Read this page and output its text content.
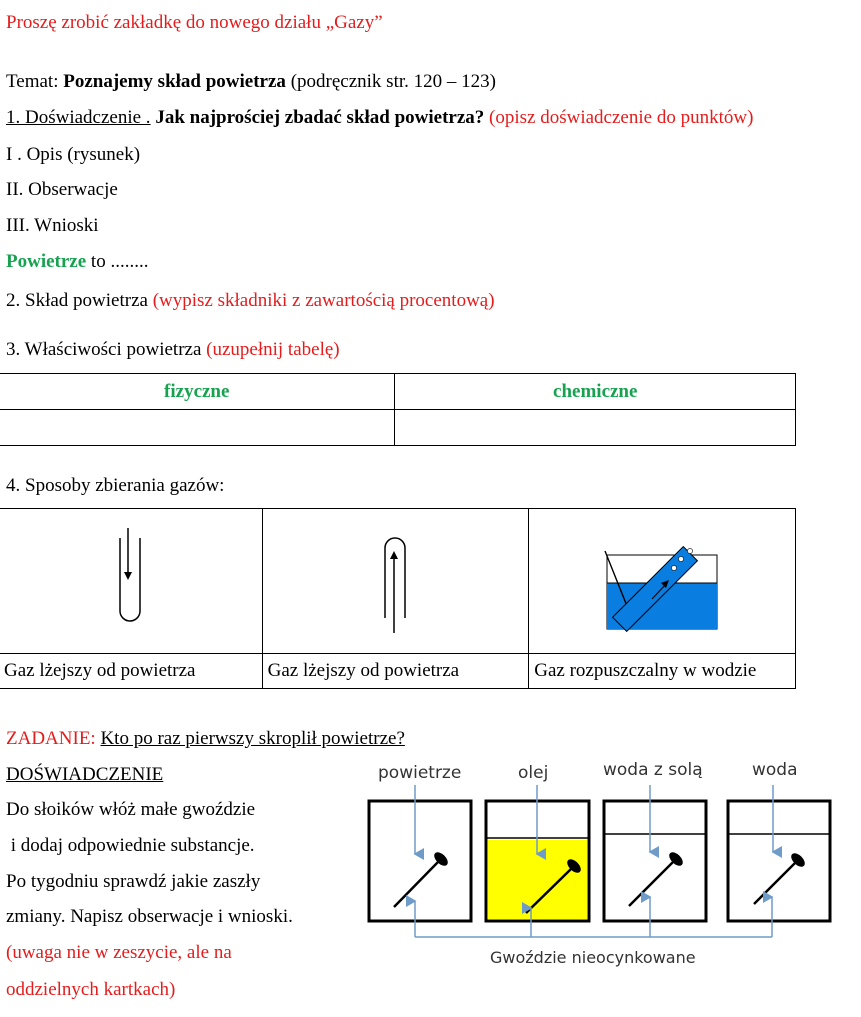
Proszę zrobić zakładkę do nowego działu „Gazy”
Temat: Poznajemy skład powietrza (podręcznik str. 120 – 123)
1. Doświadczenie . Jak najprościej zbadać skład powietrza? (opisz doświadczenie do punktów)
I . Opis (rysunek)
II. Obserwacje
III. Wnioski
Powietrze to ........
2. Skład powietrza (wypisz składniki z zawartością procentową)
3. Właściwości powietrza (uzupełnij tabelę)
fizyczne	chemiczne

4. Sposoby zbierania gazów:

Gaz lżejszy od powietrza	Gaz lżejszy od powietrza	Gaz rozpuszczalny w wodzie
ZADANIE: Kto po raz pierwszy skroplił powietrze?
DOŚWIADCZENIE
Do słoików włóż małe gwoździe
i dodaj odpowiednie substancje.
Po tygodniu sprawdź jakie zaszły
zmiany. Napisz obserwacje i wnioski.
(uwaga nie w zeszycie, ale na
oddzielnych kartkach)
powietrze	olej	woda z solą	woda
Gwoździe nieocynkowane
